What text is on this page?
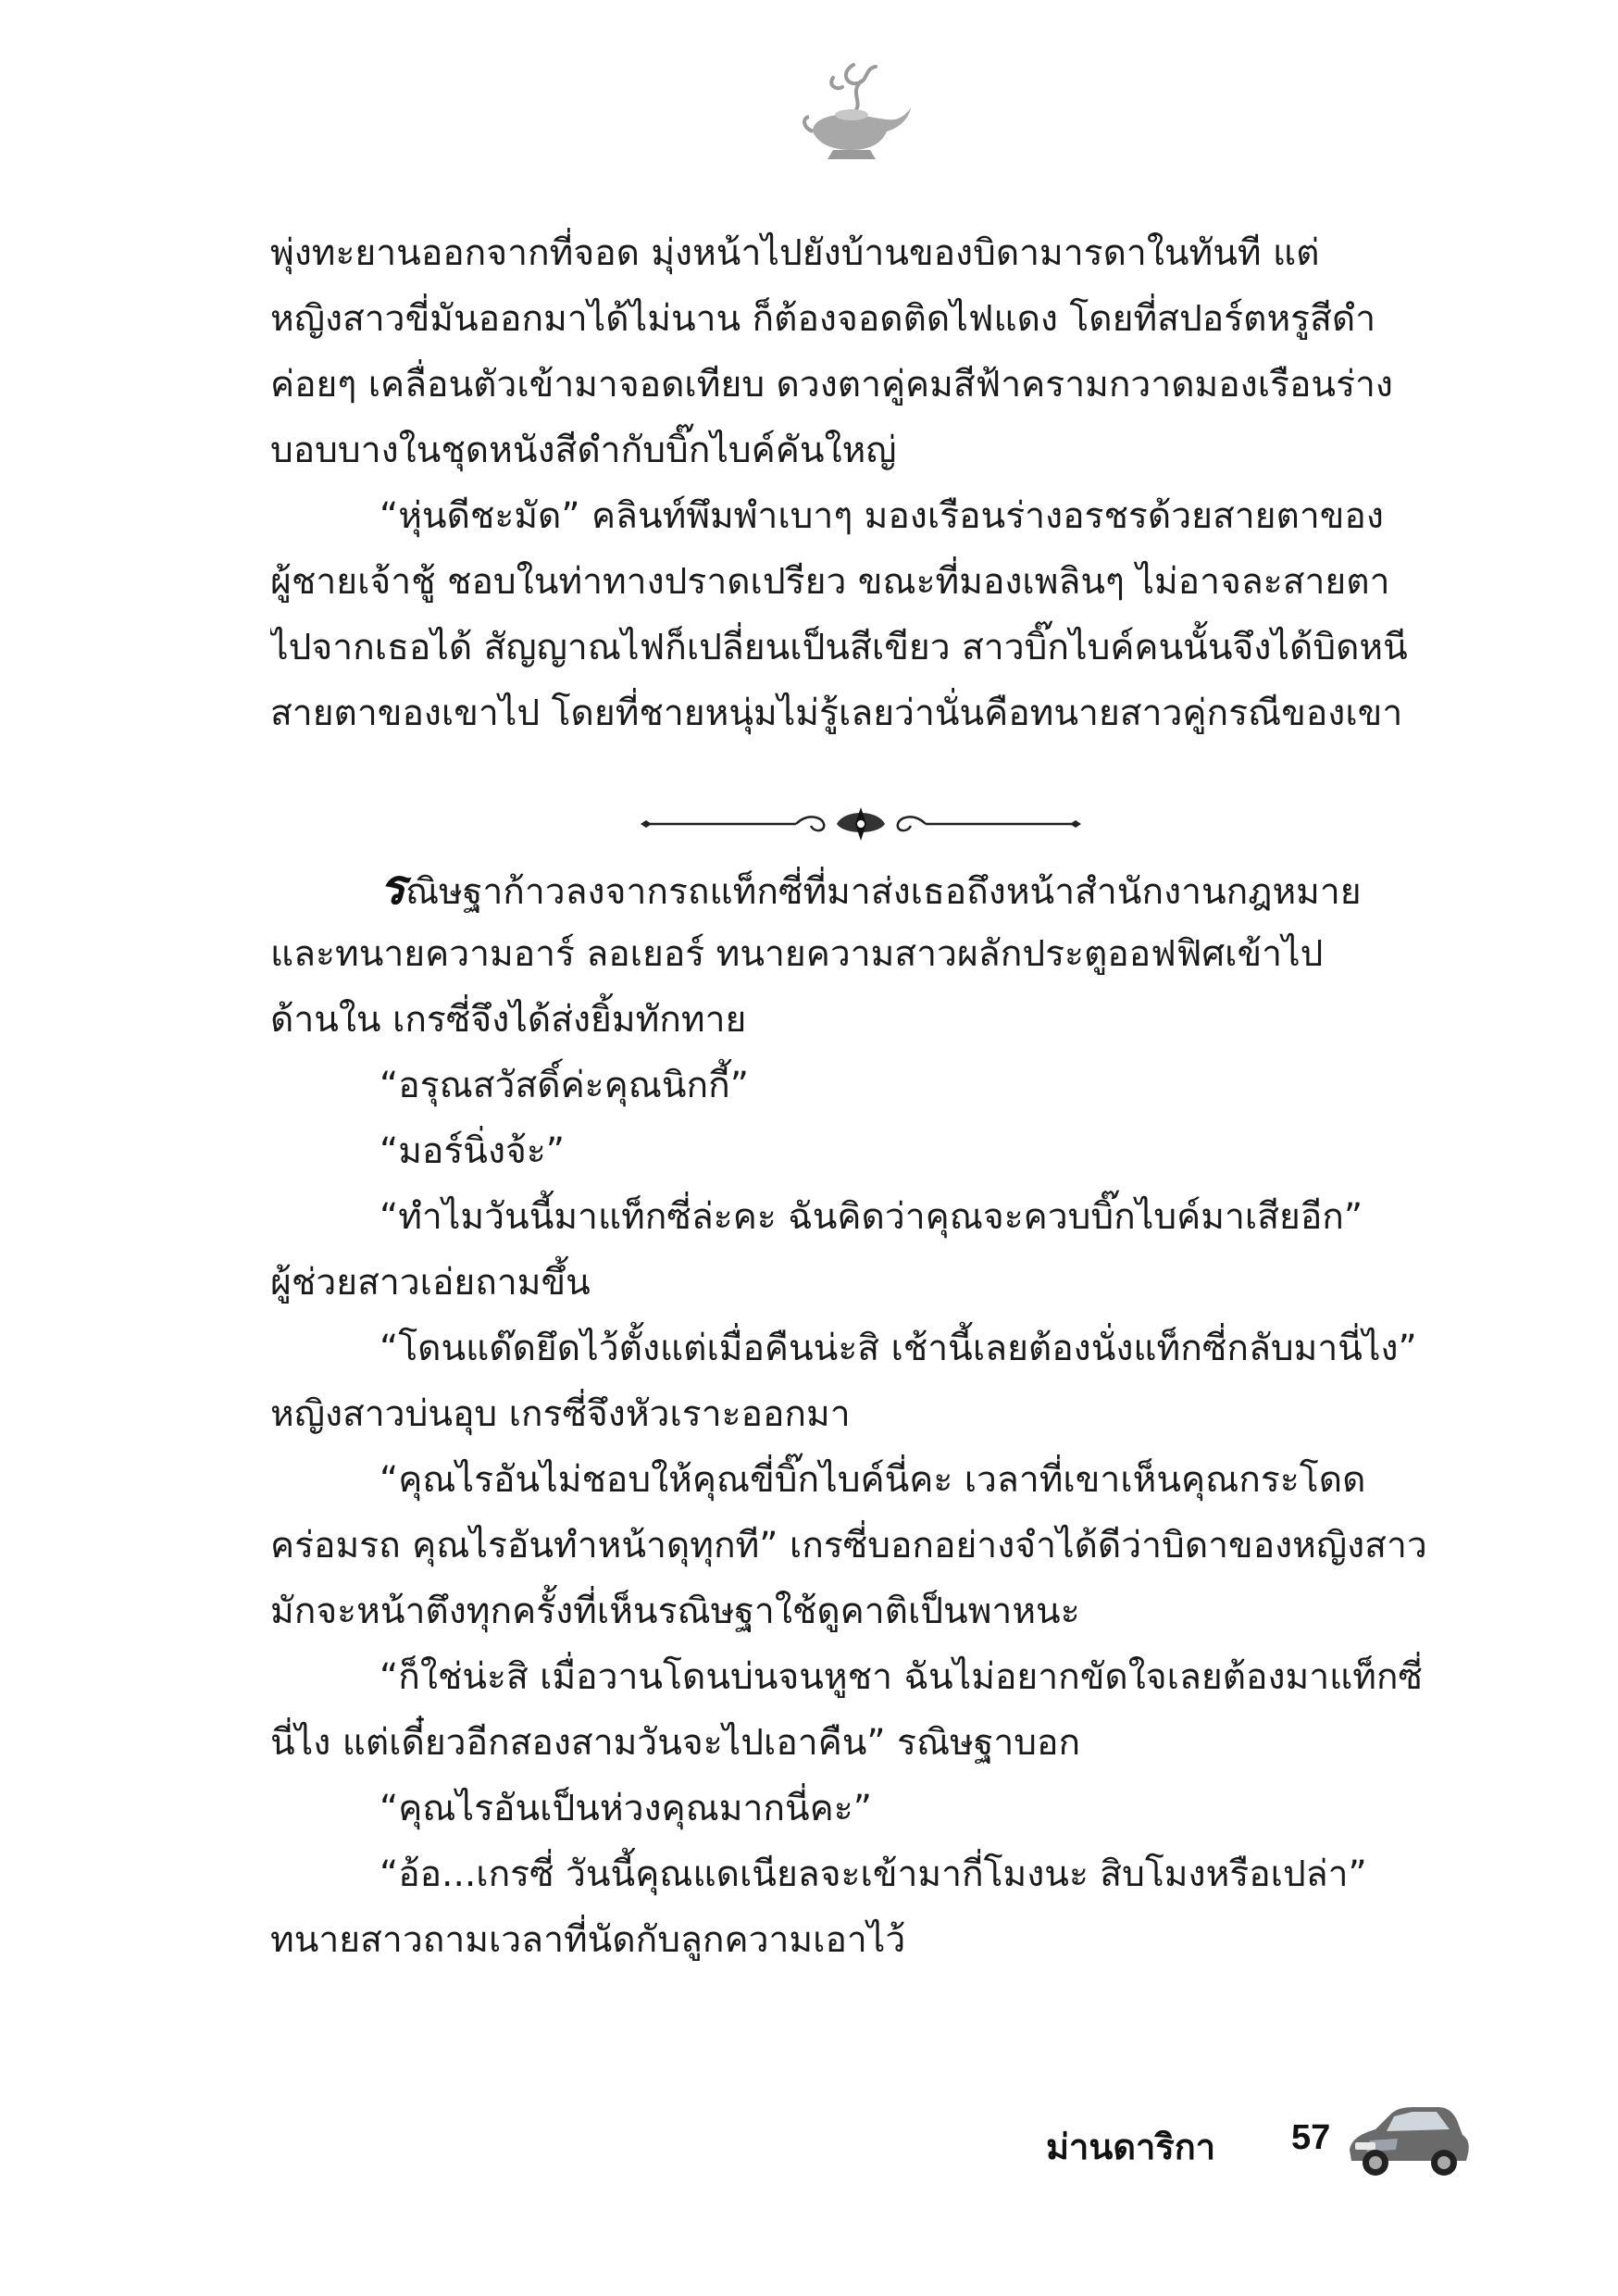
พุ่งทะยานออกจากที่จอด มุ่งหน้าไปยังบ้านของบิดามารดาในทันที แต่
หญิงสาวขี่มันออกมาได้ไม่นาน ก็ต้องจอดติดไฟแดง โดยที่สปอร์ตหรูสีดำ
ค่อยๆ เคลื่อนตัวเข้ามาจอดเทียบ ดวงตาคู่คมสีฟ้าครามกวาดมองเรือนร่าง
บอบบางในชุดหนังสีดำกับบิ๊กไบค์คันใหญ่
“หุ่นดีชะมัด” คลินท์พึมพำเบาๆ มองเรือนร่างอรชรด้วยสายตาของ
ผู้ชายเจ้าชู้ ชอบในท่าทางปราดเปรียว ขณะที่มองเพลินๆ ไม่อาจละสายตา
ไปจากเธอได้ สัญญาณไฟก็เปลี่ยนเป็นสีเขียว สาวบิ๊กไบค์คนนั้นจึงได้บิดหนี
สายตาของเขาไป โดยที่ชายหนุ่มไม่รู้เลยว่านั่นคือทนายสาวคู่กรณีของเขา
รณิษฐาก้าวลงจากรถแท็กซี่ที่มาส่งเธอถึงหน้าสำนักงานกฎหมาย
และทนายความอาร์ ลอเยอร์ ทนายความสาวผลักประตูออฟฟิศเข้าไป
ด้านใน เกรซี่จึงได้ส่งยิ้มทักทาย
“อรุณสวัสดิ์ค่ะคุณนิกกี้”
“มอร์นิ่งจ้ะ”
“ทำไมวันนี้มาแท็กซี่ล่ะคะ ฉันคิดว่าคุณจะควบบิ๊กไบค์มาเสียอีก”
ผู้ช่วยสาวเอ่ยถามขึ้น
“โดนแด๊ดยึดไว้ตั้งแต่เมื่อคืนน่ะสิ เช้านี้เลยต้องนั่งแท็กซี่กลับมานี่ไง”
หญิงสาวบ่นอุบ เกรซี่จึงหัวเราะออกมา
“คุณไรอันไม่ชอบให้คุณขี่บิ๊กไบค์นี่คะ เวลาที่เขาเห็นคุณกระโดด
คร่อมรถ คุณไรอันทำหน้าดุทุกที” เกรซี่บอกอย่างจำได้ดีว่าบิดาของหญิงสาว
มักจะหน้าตึงทุกครั้งที่เห็นรณิษฐาใช้ดูคาติเป็นพาหนะ
“ก็ใช่น่ะสิ เมื่อวานโดนบ่นจนหูชา ฉันไม่อยากขัดใจเลยต้องมาแท็กซี่
นี่ไง แต่เดี๋ยวอีกสองสามวันจะไปเอาคืน” รณิษฐาบอก
“คุณไรอันเป็นห่วงคุณมากนี่คะ”
“อ้อ...เกรซี่ วันนี้คุณแดเนียลจะเข้ามากี่โมงนะ สิบโมงหรือเปล่า”
ทนายสาวถามเวลาที่นัดกับลูกความเอาไว้
ม่านดาริกา 57
